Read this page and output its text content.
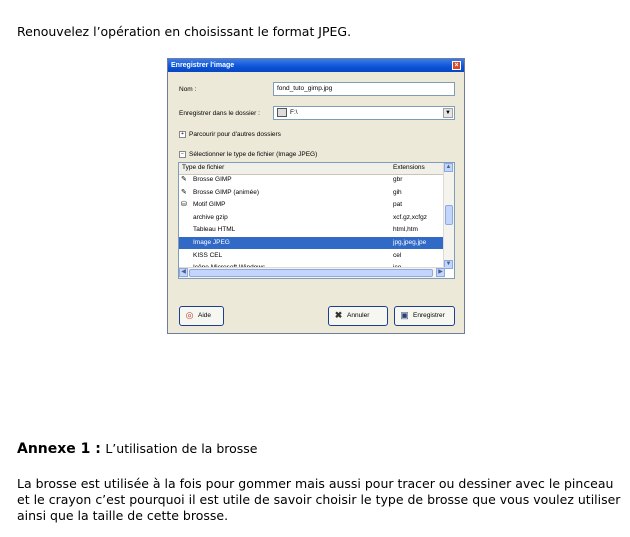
Renouvelez l’opération en choisissant le format JPEG.
Enregistrer l'image	×
Nom :	fond_tuto_gimp.jpg
Enregistrer dans le dossier :	F:\	▼
+ Parcourir pour d'autres dossiers
− Sélectionner le type de fichier (Image JPEG)
Type de fichier	Extensions
✎ Brosse GIMP	gbr
✎ Brosse GIMP (animée)	gih
⛁ Motif GIMP	pat
archive gzip	xcf.gz,xcfgz
Tableau HTML	html,htm
Image JPEG	jpg,jpeg,jpe
KISS CEL	cel
▲
▼
◀	▶
◎ Aide	✖ Annuler	▣ Enregistrer
Annexe 1 : L’utilisation de la brosse
La brosse est utilisée à la fois pour gommer mais aussi pour tracer ou dessiner avec le pinceau et le crayon c’est pourquoi il est utile de savoir choisir le type de brosse que vous voulez utiliser ainsi que la taille de cette brosse.
